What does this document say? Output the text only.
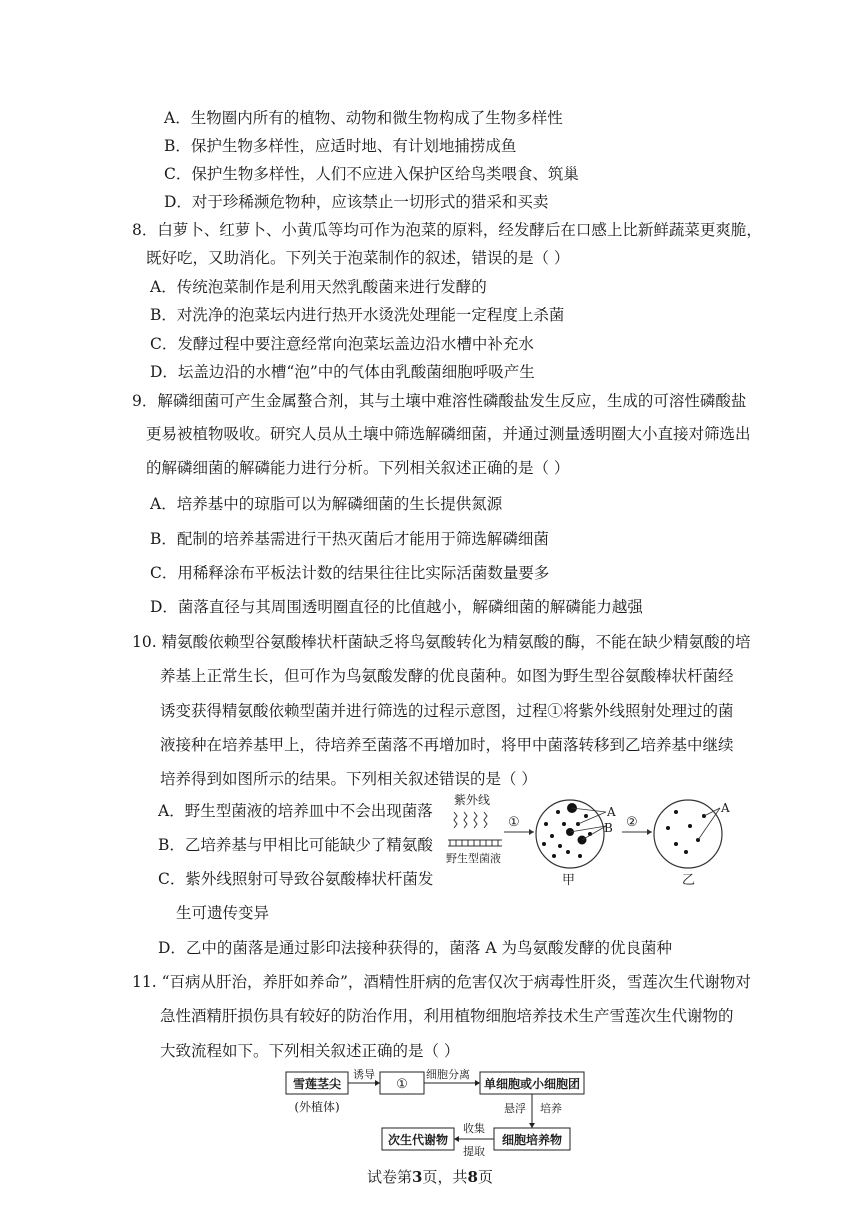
A．生物圈内所有的植物、动物和微生物构成了生物多样性
B．保护生物多样性，应适时地、有计划地捕捞成鱼
C．保护生物多样性，人们不应进入保护区给鸟类喂食、筑巢
D．对于珍稀濒危物种，应该禁止一切形式的猎采和买卖
8．白萝卜、红萝卜、小黄瓜等均可作为泡菜的原料，经发酵后在口感上比新鲜蔬菜更爽脆，
既好吃，又助消化。下列关于泡菜制作的叙述，错误的是（ ）
A．传统泡菜制作是利用天然乳酸菌来进行发酵的
B．对洗净的泡菜坛内进行热开水烫洗处理能一定程度上杀菌
C．发酵过程中要注意经常向泡菜坛盖边沿水槽中补充水
D．坛盖边沿的水槽“泡”中的气体由乳酸菌细胞呼吸产生
9．解磷细菌可产生金属螯合剂，其与土壤中难溶性磷酸盐发生反应，生成的可溶性磷酸盐
更易被植物吸收。研究人员从土壤中筛选解磷细菌，并通过测量透明圈大小直接对筛选出
的解磷细菌的解磷能力进行分析。下列相关叙述正确的是（ ）
A．培养基中的琼脂可以为解磷细菌的生长提供氮源
B．配制的培养基需进行干热灭菌后才能用于筛选解磷细菌
C．用稀释涂布平板法计数的结果往往比实际活菌数量要多
D．菌落直径与其周围透明圈直径的比值越小，解磷细菌的解磷能力越强
10. 精氨酸依赖型谷氨酸棒状杆菌缺乏将鸟氨酸转化为精氨酸的酶，不能在缺少精氨酸的培
养基上正常生长，但可作为鸟氨酸发酵的优良菌种。如图为野生型谷氨酸棒状杆菌经
诱变获得精氨酸依赖型菌并进行筛选的过程示意图，过程①将紫外线照射处理过的菌
液接种在培养基甲上，待培养至菌落不再增加时，将甲中菌落转移到乙培养基中继续
培养得到如图所示的结果。下列相关叙述错误的是（ ）
A．野生型菌液的培养皿中不会出现菌落
B．乙培养基与甲相比可能缺少了精氨酸
C．紫外线照射可导致谷氨酸棒状杆菌发
生可遗传变异
D．乙中的菌落是通过影印法接种获得的，菌落 A 为鸟氨酸发酵的优良菌种
紫外线
野生型菌液
①
A
B ②
A
甲	乙
11. “百病从肝治，养肝如养命”，酒精性肝病的危害仅次于病毒性肝炎，雪莲次生代谢物对
急性酒精肝损伤具有较好的防治作用，利用植物细胞培养技术生产雪莲次生代谢物的
大致流程如下。下列相关叙述正确的是（ ）
雪莲茎尖
(外植体)
诱导
①
细胞分离
单细胞或小细胞团
悬浮 培养
细胞培养物
收集
提取
次生代谢物
试卷第3页，共8页
